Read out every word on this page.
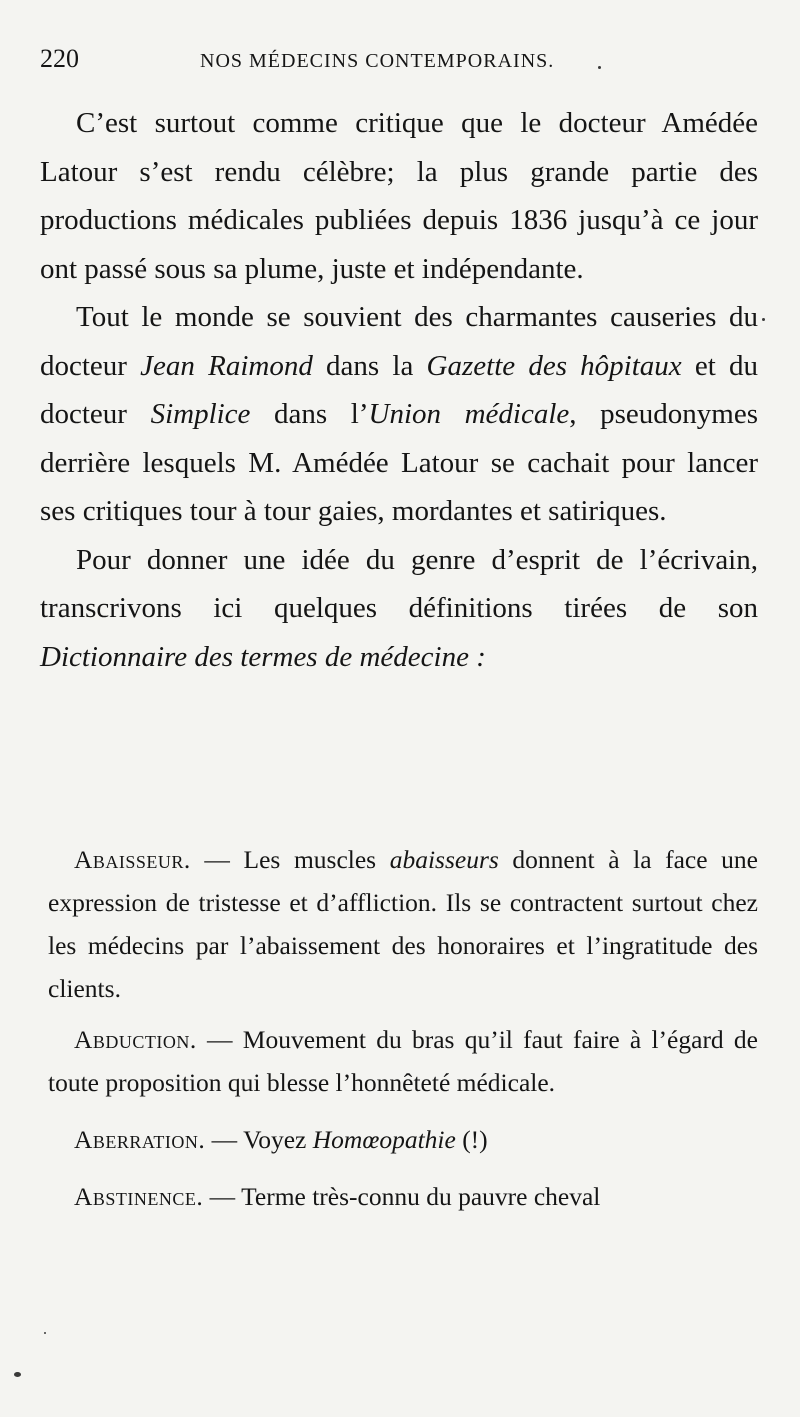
220	NOS MÉDECINS CONTEMPORAINS.

C’est surtout comme critique que le docteur Amédée Latour s’est rendu célèbre; la plus grande partie des productions médicales publiées depuis 1836 jusqu’à ce jour ont passé sous sa plume, juste et indépendante.

Tout le monde se souvient des charmantes causeries du docteur Jean Raimond dans la Gazette des hôpitaux et du docteur Simplice dans l’Union médicale, pseudonymes derrière lesquels M. Amédée Latour se cachait pour lancer ses critiques tour à tour gaies, mordantes et satiriques.

Pour donner une idée du genre d’esprit de l’écrivain, transcrivons ici quelques définitions tirées de son Dictionnaire des termes de médecine :

Abaisseur. — Les muscles abaisseurs donnent à la face une expression de tristesse et d’affliction. Ils se contractent surtout chez les médecins par l’abaissement des honoraires et l’ingratitude des clients.

Abduction. — Mouvement du bras qu’il faut faire à l’égard de toute proposition qui blesse l’honnêteté médicale.

Aberration. — Voyez Homœopathie (!)

Abstinence. — Terme très-connu du pauvre cheval
